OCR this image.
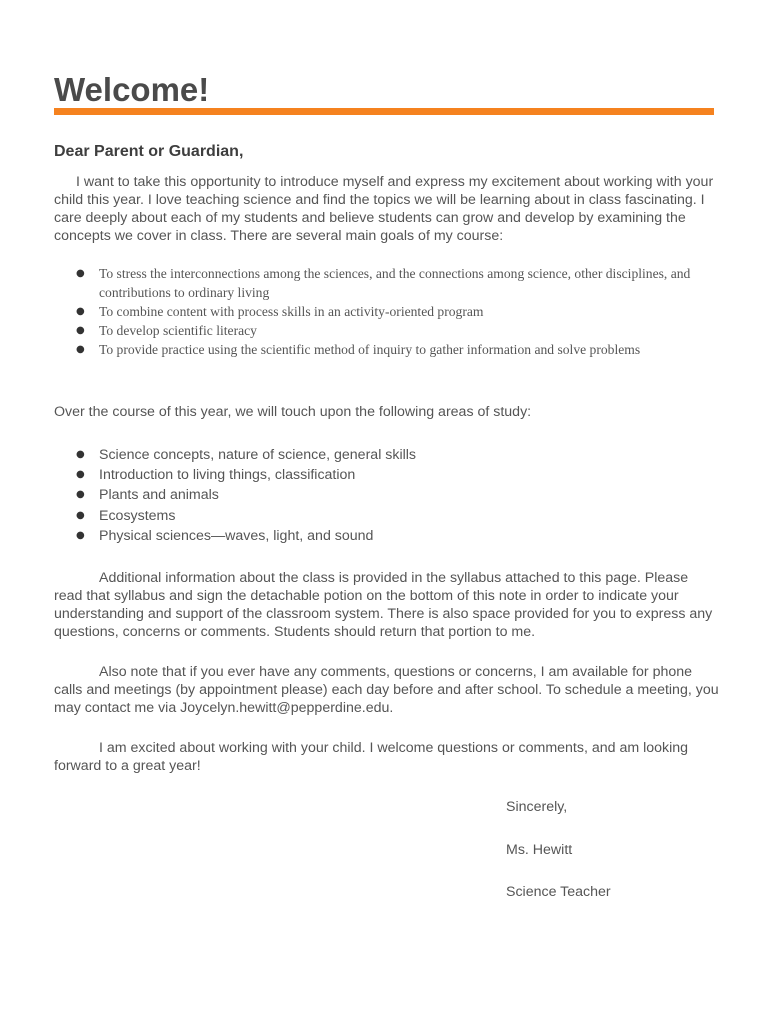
Welcome!

Dear Parent or Guardian,

I want to take this opportunity to introduce myself and express my excitement about working with your child this year. I love teaching science and find the topics we will be learning about in class fascinating. I care deeply about each of my students and believe students can grow and develop by examining the concepts we cover in class. There are several main goals of my course:

● To stress the interconnections among the sciences, and the connections among science, other disciplines, and contributions to ordinary living
● To combine content with process skills in an activity-oriented program
● To develop scientific literacy
● To provide practice using the scientific method of inquiry to gather information and solve problems

Over the course of this year, we will touch upon the following areas of study:

● Science concepts, nature of science, general skills
● Introduction to living things, classification
● Plants and animals
● Ecosystems
● Physical sciences—waves, light, and sound

Additional information about the class is provided in the syllabus attached to this page. Please read that syllabus and sign the detachable potion on the bottom of this note in order to indicate your understanding and support of the classroom system. There is also space provided for you to express any questions, concerns or comments. Students should return that portion to me.

Also note that if you ever have any comments, questions or concerns, I am available for phone calls and meetings (by appointment please) each day before and after school. To schedule a meeting, you may contact me via Joycelyn.hewitt@pepperdine.edu.

I am excited about working with your child. I welcome questions or comments, and am looking forward to a great year!

Sincerely,

Ms. Hewitt

Science Teacher
